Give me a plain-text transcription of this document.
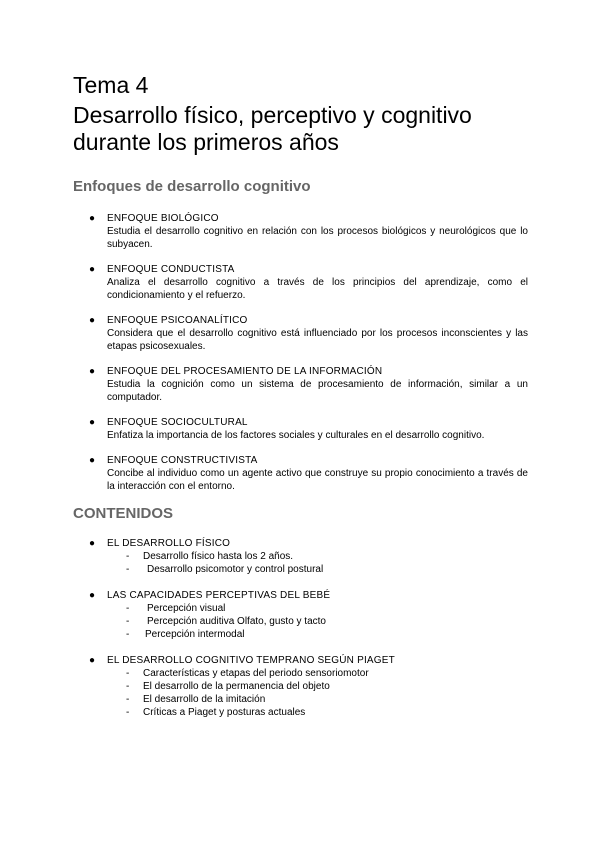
Tema 4
Desarrollo físico, perceptivo y cognitivo
durante los primeros años
Enfoques de desarrollo cognitivo
● ENFOQUE BIOLÓGICO
Estudia el desarrollo cognitivo en relación con los procesos biológicos y neurológicos que lo subyacen.
● ENFOQUE CONDUCTISTA
Analiza el desarrollo cognitivo a través de los principios del aprendizaje, como el condicionamiento y el refuerzo.
● ENFOQUE PSICOANALÍTICO
Considera que el desarrollo cognitivo está influenciado por los procesos inconscientes y las etapas psicosexuales.
● ENFOQUE DEL PROCESAMIENTO DE LA INFORMACIÓN
Estudia la cognición como un sistema de procesamiento de información, similar a un computador.
● ENFOQUE SOCIOCULTURAL
Enfatiza la importancia de los factores sociales y culturales en el desarrollo cognitivo.
● ENFOQUE CONSTRUCTIVISTA
Concibe al individuo como un agente activo que construye su propio conocimiento a través de la interacción con el entorno.
CONTENIDOS
● EL DESARROLLO FÍSICO
- Desarrollo físico hasta los 2 años.
- Desarrollo psicomotor y control postural
● LAS CAPACIDADES PERCEPTIVAS DEL BEBÉ
- Percepción visual
- Percepción auditiva Olfato, gusto y tacto
- Percepción intermodal
● EL DESARROLLO COGNITIVO TEMPRANO SEGÚN PIAGET
- Características y etapas del periodo sensoriomotor
- El desarrollo de la permanencia del objeto
- El desarrollo de la imitación
- Críticas a Piaget y posturas actuales
